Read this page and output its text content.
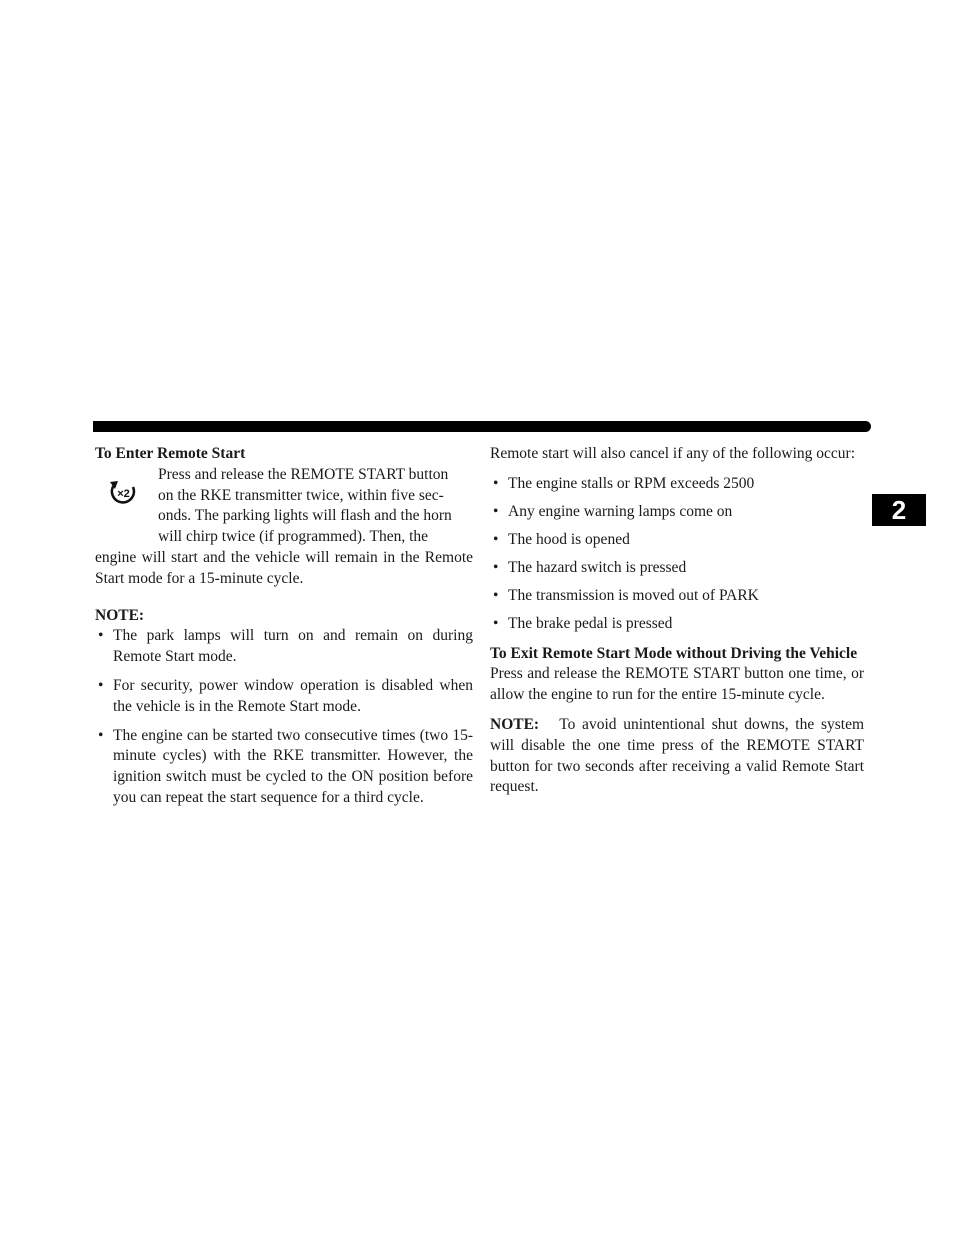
THINGS TO KNOW BEFORE STARTING YOUR VEHICLE 25
2

To Enter Remote Start

×2

Press and release the REMOTE START button

on the RKE transmitter twice, within five sec-

onds. The parking lights will flash and the horn

will chirp twice (if programmed). Then, the

engine will start and the vehicle will remain in the Remote Start mode for a 15-minute cycle.

NOTE:

• The park lamps will turn on and remain on during Remote Start mode.
• For security, power window operation is disabled when the vehicle is in the Remote Start mode.
• The engine can be started two consecutive times (two 15-minute cycles) with the RKE transmitter. However, the ignition switch must be cycled to the ON position before you can repeat the start sequence for a third cycle.

Remote start will also cancel if any of the following occur:

• The engine stalls or RPM exceeds 2500
• Any engine warning lamps come on
• The hood is opened
• The hazard switch is pressed
• The transmission is moved out of PARK
• The brake pedal is pressed

To Exit Remote Start Mode without Driving the Vehicle

Press and release the REMOTE START button one time, or allow the engine to run for the entire 15-minute cycle.

NOTE: To avoid unintentional shut downs, the system will disable the one time press of the REMOTE START button for two seconds after receiving a valid Remote Start request.
